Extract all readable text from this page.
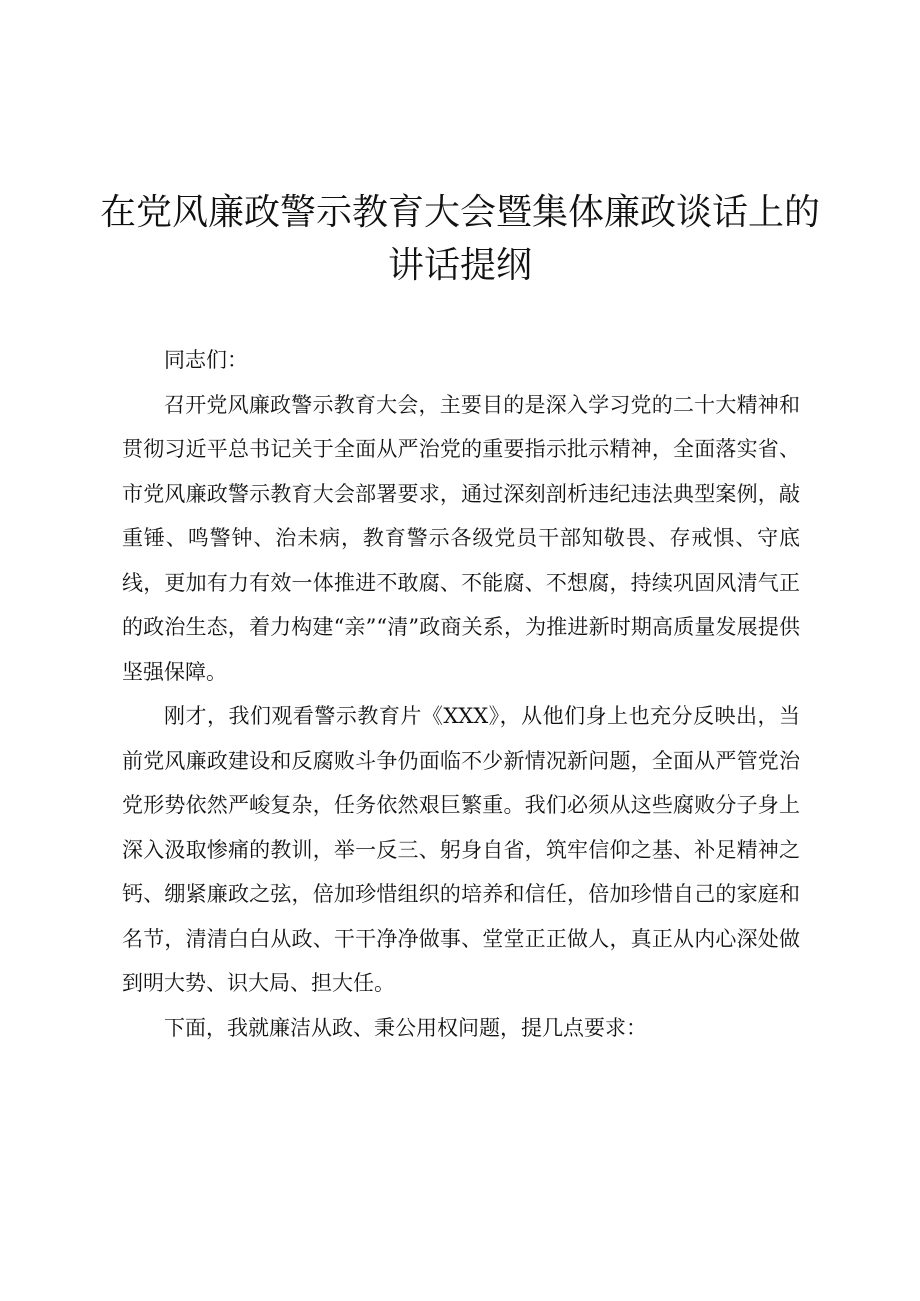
在党风廉政警示教育大会暨集体廉政谈话上的
讲话提纲

同志们：

召开党风廉政警示教育大会，主要目的是深入学习党的二十大精神和贯彻习近平总书记关于全面从严治党的重要指示批示精神，全面落实省、市党风廉政警示教育大会部署要求，通过深刻剖析违纪违法典型案例，敲重锤、鸣警钟、治未病，教育警示各级党员干部知敬畏、存戒惧、守底线，更加有力有效一体推进不敢腐、不能腐、不想腐，持续巩固风清气正的政治生态，着力构建“亲”“清”政商关系，为推进新时期高质量发展提供坚强保障。

刚才，我们观看警示教育片《XXX》，从他们身上也充分反映出，当前党风廉政建设和反腐败斗争仍面临不少新情况新问题，全面从严管党治党形势依然严峻复杂，任务依然艰巨繁重。我们必须从这些腐败分子身上深入汲取惨痛的教训，举一反三、躬身自省，筑牢信仰之基、补足精神之钙、绷紧廉政之弦，倍加珍惜组织的培养和信任，倍加珍惜自己的家庭和名节，清清白白从政、干干净净做事、堂堂正正做人，真正从内心深处做到明大势、识大局、担大任。

下面，我就廉洁从政、秉公用权问题，提几点要求：
